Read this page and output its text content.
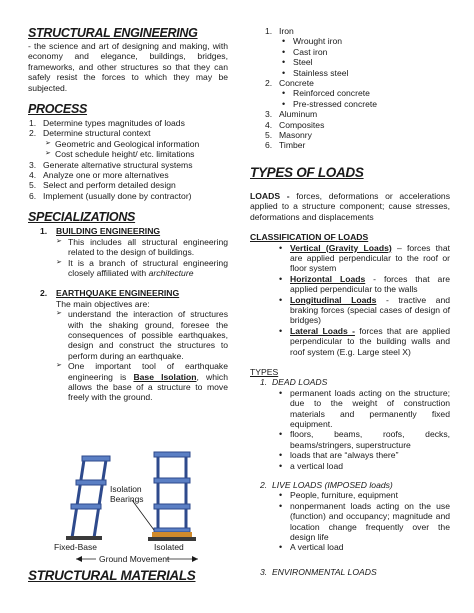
STRUCTURAL ENGINEERING
- the science and art of designing and making, with economy and elegance, buildings, bridges, frameworks, and other structures so that they can safely resist the forces to which they may be subjected.
PROCESS
1. Determine types magnitudes of loads
2. Determine structural context
➢ Geometric and Geological information
➢ Cost schedule height/ etc. limitations
3. Generate alternative structural systems
4. Analyze one or more alternatives
5. Select and perform detailed design
6. Implement (usually done by contractor)
SPECIALIZATIONS
1. BUILDING ENGINEERING
➢ This includes all structural engineering related to the design of buildings.
➢ It is a branch of structural engineering closely affiliated with architecture
2. EARTHQUAKE ENGINEERING
The main objectives are:
➢ understand the interaction of structures with the shaking ground, foresee the consequences of possible earthquakes, design and construct the structures to perform during an earthquake.
➢ One important tool of earthquake engineering is Base Isolation, which allows the base of a structure to move freely with the ground.
Isolation
Bearings
Fixed-Base	Isolated
Ground Movement
STRUCTURAL MATERIALS
1. Iron
• Wrought iron
• Cast iron
• Steel
• Stainless steel
2. Concrete
• Reinforced concrete
• Pre-stressed concrete
3. Aluminum
4. Composites
5. Masonry
6. Timber
TYPES OF LOADS
LOADS - forces, deformations or accelerations applied to a structure component; cause stresses, deformations and displacements
CLASSIFICATION OF LOADS
• Vertical (Gravity Loads) – forces that are applied perpendicular to the roof or floor system
• Horizontal Loads - forces that are applied perpendicular to the walls
• Longitudinal Loads - tractive and braking forces (special cases of design of bridges)
• Lateral Loads - forces that are applied perpendicular to the building walls and roof system (E.g. Large steel X)
TYPES
1. DEAD LOADS
• permanent loads acting on the structure; due to the weight of construction materials and permanently fixed equipment.
• floors, beams, roofs, decks, beams/stringers, superstructure
• loads that are “always there”
• a vertical load
2. LIVE LOADS (IMPOSED loads)
• People, furniture, equipment
• nonpermanent loads acting on the use (function) and occupancy; magnitude and location change frequently over the design life
• A vertical load
3. ENVIRONMENTAL LOADS
